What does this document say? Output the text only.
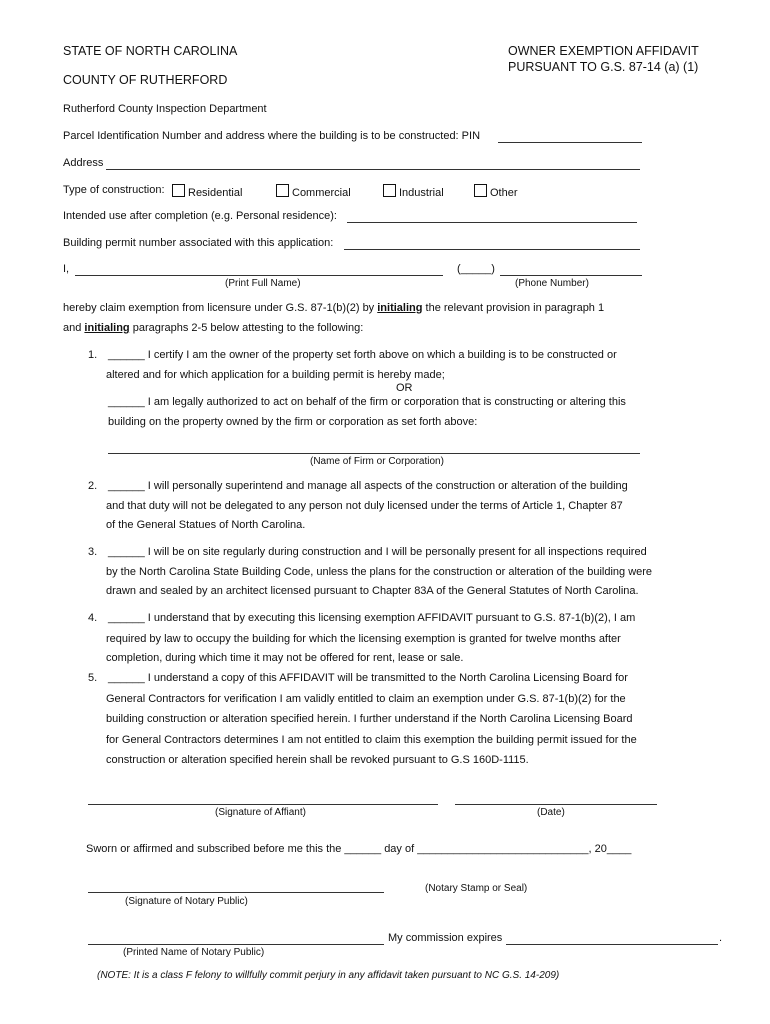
STATE OF NORTH CAROLINA
COUNTY OF RUTHERFORD
OWNER EXEMPTION AFFIDAVIT
PURSUANT TO G.S. 87-14 (a) (1)
Rutherford County Inspection Department
Parcel Identification Number and address where the building is to be constructed: PIN
Address
Type of construction:	Residential	Commercial	Industrial	Other
Intended use after completion (e.g. Personal residence):
Building permit number associated with this application:
I,	(_____)
(Print Full Name)	(Phone Number)
hereby claim exemption from licensure under G.S. 87-1(b)(2) by initialing the relevant provision in paragraph 1
and initialing paragraphs 2-5 below attesting to the following:
1. ______ I certify I am the owner of the property set forth above on which a building is to be constructed or
altered and for which application for a building permit is hereby made;
OR
______ I am legally authorized to act on behalf of the firm or corporation that is constructing or altering this
building on the property owned by the firm or corporation as set forth above:
(Name of Firm or Corporation)
2. ______ I will personally superintend and manage all aspects of the construction or alteration of the building
and that duty will not be delegated to any person not duly licensed under the terms of Article 1, Chapter 87
of the General Statues of North Carolina.
3. ______ I will be on site regularly during construction and I will be personally present for all inspections required
by the North Carolina State Building Code, unless the plans for the construction or alteration of the building were
drawn and sealed by an architect licensed pursuant to Chapter 83A of the General Statutes of North Carolina.
4. ______ I understand that by executing this licensing exemption AFFIDAVIT pursuant to G.S. 87-1(b)(2), I am
required by law to occupy the building for which the licensing exemption is granted for twelve months after
completion, during which time it may not be offered for rent, lease or sale.
5. ______ I understand a copy of this AFFIDAVIT will be transmitted to the North Carolina Licensing Board for
General Contractors for verification I am validly entitled to claim an exemption under G.S. 87-1(b)(2) for the
building construction or alteration specified herein. I further understand if the North Carolina Licensing Board
for General Contractors determines I am not entitled to claim this exemption the building permit issued for the
construction or alteration specified herein shall be revoked pursuant to G.S 160D-1115.
(Signature of Affiant)	(Date)
Sworn or affirmed and subscribed before me this the ______ day of ____________________________, 20____
(Notary Stamp or Seal)
(Signature of Notary Public)
My commission expires	.
(Printed Name of Notary Public)
(NOTE: It is a class F felony to willfully commit perjury in any affidavit taken pursuant to NC G.S. 14-209)
